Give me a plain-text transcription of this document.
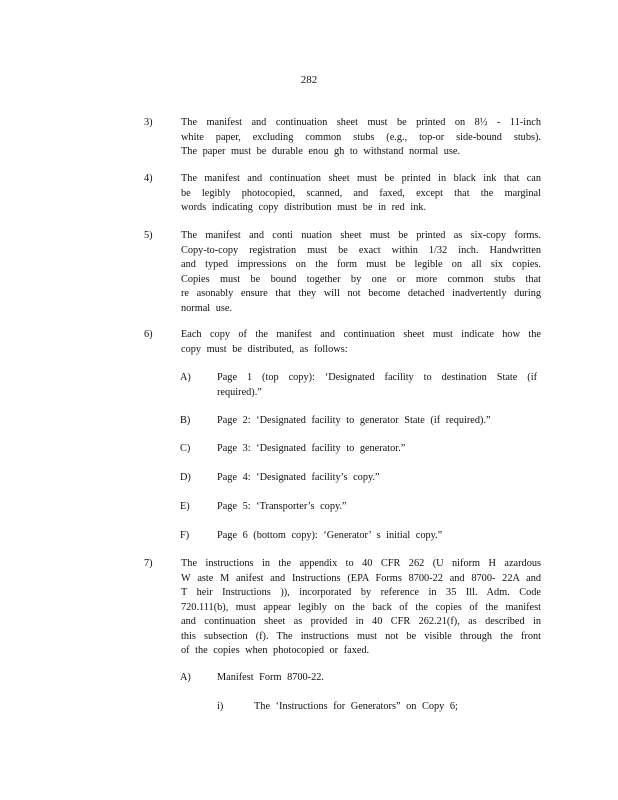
282
3)	The manifest and continuation sheet must be printed on 8½ - 11-inch
white paper, excluding common stubs (e.g., top-or side-bound stubs).
The paper must be durable enou gh to withstand normal use.
4)	The manifest and continuation sheet must be printed in black ink that can
be legibly photocopied, scanned, and faxed, except that the marginal
words indicating copy distribution must be in red ink.
5)	The manifest and conti nuation sheet must be printed as six-copy forms.
Copy-to-copy registration must be exact within 1/32 inch. Handwritten
and typed impressions on the form must be legible on all six copies.
Copies must be bound together by one or more common stubs that
re asonably ensure that they will not become detached inadvertently during
normal use.
6)	Each copy of the manifest and continuation sheet must indicate how the
copy must be distributed, as follows:
A)	Page 1 (top copy): ‘Designated facility to destination State (if
required).”
B)	Page 2: ‘Designated facility to generator State (if required).”
C)	Page 3: ‘Designated facility to generator.”
D)	Page 4: ‘Designated facility’s copy.”
E)	Page 5: ‘Transporter’s copy.”
F)	Page 6 (bottom copy): ‘Generator’ s initial copy.”
7)	The instructions in the appendix to 40 CFR 262 (U niform H azardous
W aste M anifest and Instructions (EPA Forms 8700-22 and 8700- 22A and
T heir Instructions )), incorporated by reference in 35 Ill. Adm. Code
720.111(b), must appear legibly on the back of the copies of the manifest
and continuation sheet as provided in 40 CFR 262.21(f), as described in
this subsection (f). The instructions must not be visible through the front
of the copies when photocopied or faxed.
A)	Manifest Form 8700-22.
i)	The ‘Instructions for Generators” on Copy 6;
